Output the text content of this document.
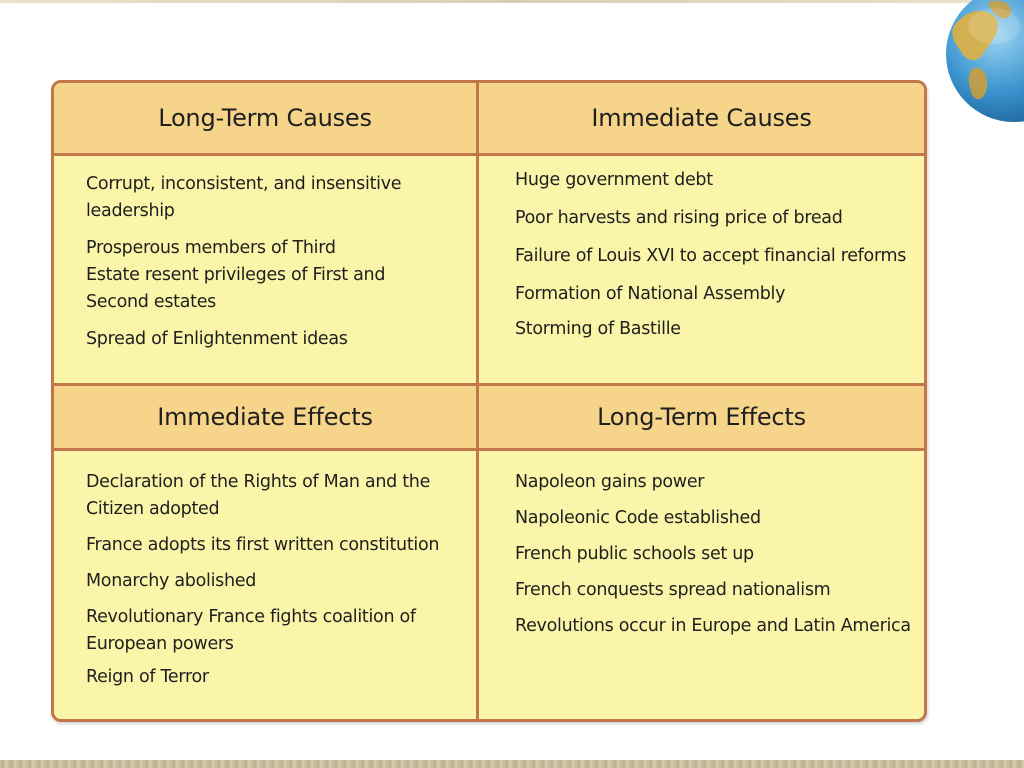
Long-Term Causes	Immediate Causes
Immediate Effects	Long-Term Effects
Corrupt, inconsistent, and insensitive leadership
Prosperous members of Third Estate resent privileges of First and Second estates
Spread of Enlightenment ideas
Huge government debt
Poor harvests and rising price of bread
Failure of Louis XVI to accept financial reforms
Formation of National Assembly
Storming of Bastille
Declaration of the Rights of Man and the Citizen adopted
France adopts its first written constitution
Monarchy abolished
Revolutionary France fights coalition of European powers
Reign of Terror
Napoleon gains power
Napoleonic Code established
French public schools set up
French conquests spread nationalism
Revolutions occur in Europe and Latin America
